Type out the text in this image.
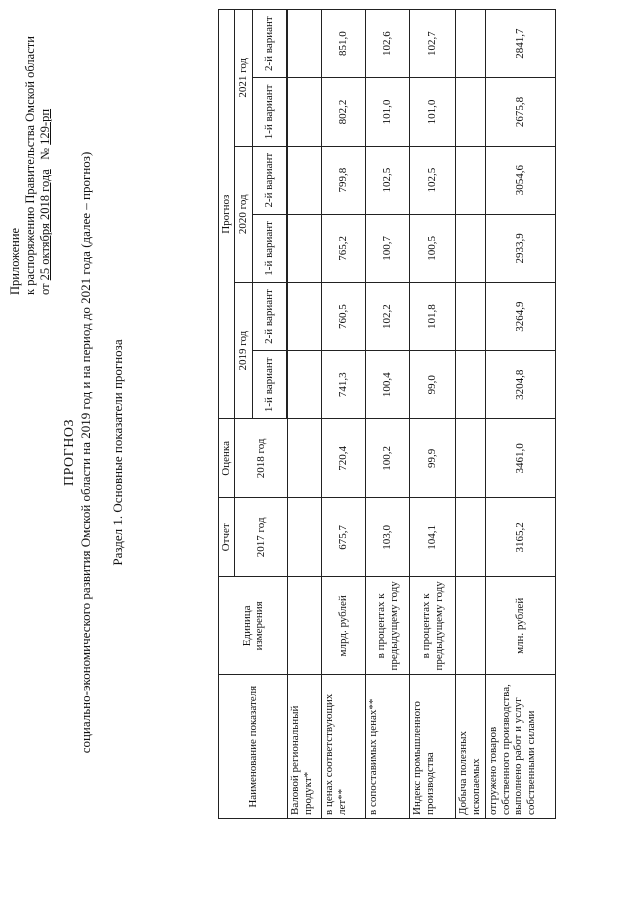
Приложение к распоряжению Правительства Омской области от 25 октября 2018 года   № 129-рп
ПРОГНОЗ социально-экономического развития Омской области на 2019 год и на период до 2021 года (далее – прогноз) Раздел 1. Основные показатели прогноза
Наименование показателя	Единица измерения	Отчет	Оценка	Прогноз					
		2017 год	2018 год	2019 год		2020 год		2021 год	
				1-й вариант	2-й вариант	1-й вариант	2-й вариант	1-й вариант	2-й вариант

Валовой региональный продукт*									
в ценах соответствующих лет**	млрд. рублей	675,7	720,4	741,3	760,5	765,2	799,8	802,2	851,0
в сопоставимых ценах**	в процентах к предыдущему году	103,0	100,2	100,4	102,2	100,7	102,5	101,0	102,6
Индекс промышленного производства	в процентах к предыдущему году	104,1	99,9	99,0	101,8	100,5	102,5	101,0	102,7
Добыча полезных ископаемых									
отгружено товаров собственного производства, выполнено работ и услуг собственными силами	млн. рублей	3165,2	3461,0	3204,8	3264,9	2933,9	3054,6	2675,8	2841,7
